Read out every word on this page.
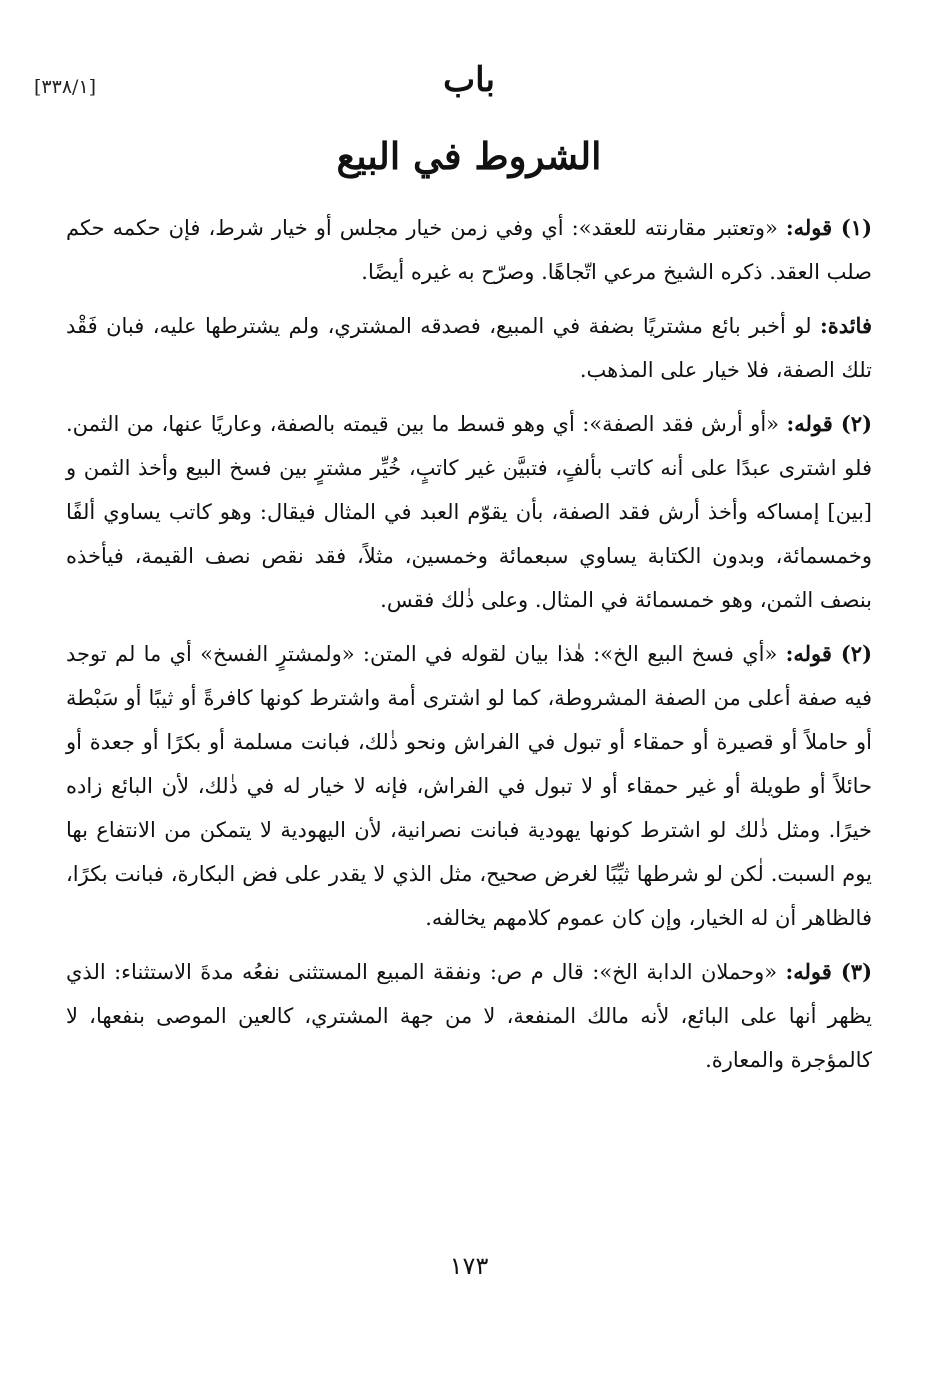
[٣٣٨/١]	باب
الشروط في البيع

(١) قوله: «وتعتبر مقارنته للعقد»: أي وفي زمن خيار مجلس أو خيار شرط، فإن حكمه حكم صلب العقد. ذكره الشيخ مرعي اتّجاهًا. وصرّح به غيره أيضًا.

فائدة: لو أخبر بائع مشتريًا بضفة في المبيع، فصدقه المشتري، ولم يشترطها عليه، فبان فَقْد تلك الصفة، فلا خيار على المذهب.

(٢) قوله: «أو أرش فقد الصفة»: أي وهو قسط ما بين قيمته بالصفة، وعاريًا عنها، من الثمن. فلو اشترى عبدًا على أنه كاتب بألفٍ، فتبيَّن غير كاتبٍ، خُيِّر مشترٍ بين فسخ البيع وأخذ الثمن و [بين] إمساكه وأخذ أرش فقد الصفة، بأن يقوّم العبد في المثال فيقال: وهو كاتب يساوي ألفًا وخمسمائة، وبدون الكتابة يساوي سبعمائة وخمسين، مثلاً، فقد نقص نصف القيمة، فيأخذه بنصف الثمن، وهو خمسمائة في المثال. وعلى ذٰلك فقس.

(٢) قوله: «أي فسخ البيع الخ»: هٰذا بيان لقوله في المتن: «ولمشترٍ الفسخ» أي ما لم توجد فيه صفة أعلى من الصفة المشروطة، كما لو اشترى أمة واشترط كونها كافرةً أو ثيبًا أو سَبْطة أو حاملاً أو قصيرة أو حمقاء أو تبول في الفراش ونحو ذٰلك، فبانت مسلمة أو بكرًا أو جعدة أو حائلاً أو طويلة أو غير حمقاء أو لا تبول في الفراش، فإنه لا خيار له في ذٰلك، لأن البائع زاده خيرًا. ومثل ذٰلك لو اشترط كونها يهودية فبانت نصرانية، لأن اليهودية لا يتمكن من الانتفاع بها يوم السبت. لٰكن لو شرطها ثيِّبًا لغرض صحيح، مثل الذي لا يقدر على فض البكارة، فبانت بكرًا، فالظاهر أن له الخيار، وإن كان عموم كلامهم يخالفه.

(٣) قوله: «وحملان الدابة الخ»: قال م ص: ونفقة المبيع المستثنى نفعُه مدةَ الاستثناء: الذي يظهر أنها على البائع، لأنه مالك المنفعة، لا من جهة المشتري، كالعين الموصى بنفعها، لا كالمؤجرة والمعارة.

١٧٣
